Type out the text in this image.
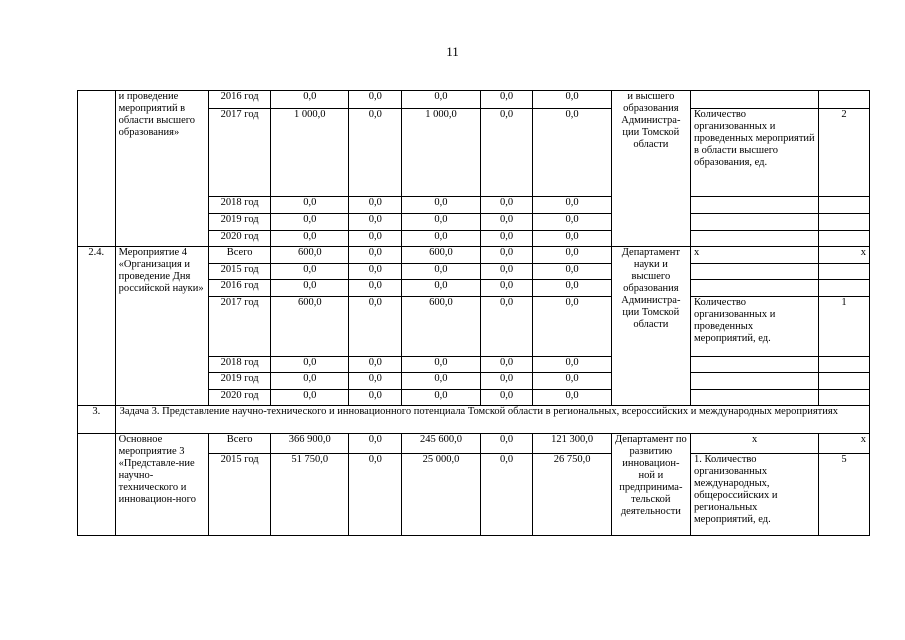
11
	и проведение мероприятий в области высшего образования»	2016 год	0,0	0,0	0,0	0,0	0,0	и высшего образования Администра-ции Томской области		
		2017 год	1 000,0	0,0	1 000,0	0,0	0,0		Количество организованных и проведенных мероприятий в области высшего образования, ед.	2
		2018 год	0,0	0,0	0,0	0,0	0,0			
		2019 год	0,0	0,0	0,0	0,0	0,0			
		2020 год	0,0	0,0	0,0	0,0	0,0			
2.4.	Мероприятие 4 «Организация и проведение Дня российской науки»	Всего	600,0	0,0	600,0	0,0	0,0	Департамент науки и высшего образования Администра-ции Томской области	х	х
		2015 год	0,0	0,0	0,0	0,0	0,0			
		2016 год	0,0	0,0	0,0	0,0	0,0			
		2017 год	600,0	0,0	600,0	0,0	0,0		Количество организованных и проведенных мероприятий, ед.	1
		2018 год	0,0	0,0	0,0	0,0	0,0			
		2019 год	0,0	0,0	0,0	0,0	0,0			
		2020 год	0,0	0,0	0,0	0,0	0,0			
3.	Задача 3. Представление научно-технического и инновационного потенциала Томской области в региональных, всероссийских и международных мероприятиях									
	Основное мероприятие 3 «Представле-ние научно-технического и инновацион-ного	Всего	366 900,0	0,0	245 600,0	0,0	121 300,0	Департамент по развитию инновацион-ной и предпринима-тельской деятельности	х	х
		2015 год	51 750,0	0,0	25 000,0	0,0	26 750,0		1. Количество организованных международных, общероссийских и региональных мероприятий, ед.	5
